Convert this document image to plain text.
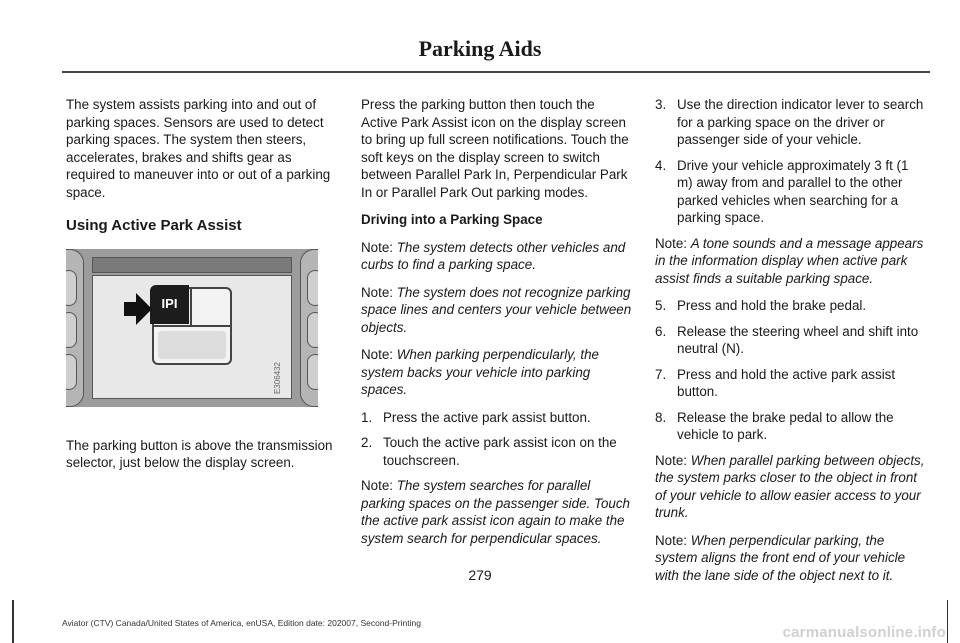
Parking Aids

The system assists parking into and out of parking spaces. Sensors are used to detect parking spaces. The system then steers, accelerates, brakes and shifts gear as required to maneuver into or out of a parking space.

Using Active Park Assist
IPI
E306432

The parking button is above the transmission selector, just below the display screen.

Press the parking button then touch the Active Park Assist icon on the display screen to bring up full screen notifications. Touch the soft keys on the display screen to switch between Parallel Park In, Perpendicular Park In or Parallel Park Out parking modes.

Driving into a Parking Space

Note: The system detects other vehicles and curbs to find a parking space.

Note: The system does not recognize parking space lines and centers your vehicle between objects.

Note: When parking perpendicularly, the system backs your vehicle into parking spaces.

1. Press the active park assist button.
2. Touch the active park assist icon on the touchscreen.

Note: The system searches for parallel parking spaces on the passenger side. Touch the active park assist icon again to make the system search for perpendicular spaces.

3. Use the direction indicator lever to search for a parking space on the driver or passenger side of your vehicle.
4. Drive your vehicle approximately 3 ft (1 m) away from and parallel to the other parked vehicles when searching for a parking space.

Note: A tone sounds and a message appears in the information display when active park assist finds a suitable parking space.

5. Press and hold the brake pedal.
6. Release the steering wheel and shift into neutral (N).
7. Press and hold the active park assist button.
8. Release the brake pedal to allow the vehicle to park.

Note: When parallel parking between objects, the system parks closer to the object in front of your vehicle to allow easier access to your trunk.

Note: When perpendicular parking, the system aligns the front end of your vehicle with the lane side of the object next to it.

279
Aviator (CTV) Canada/United States of America, enUSA, Edition date: 202007, Second-Printing
carmanualsonline.info
